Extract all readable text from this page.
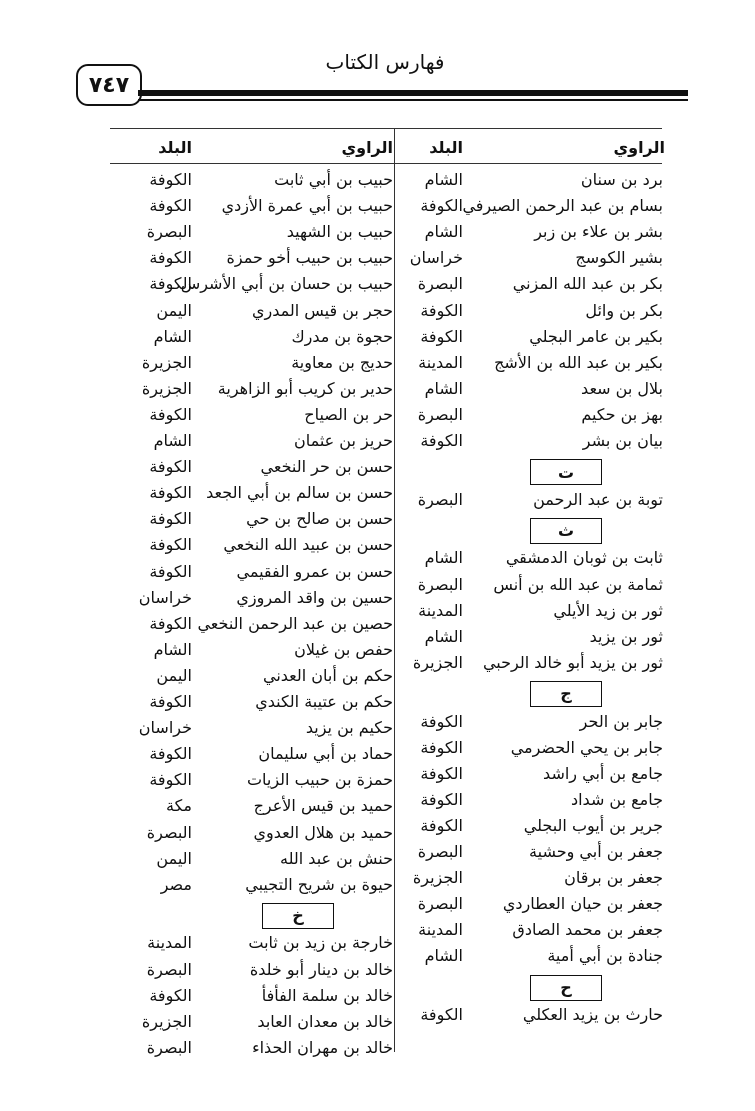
فهارس الكتاب
٧٤٧
الراوي
البلد
الراوي
البلد
برد بن سنان
الشام
بسام بن عبد الرحمن الصيرفي
الكوفة
بشر بن علاء بن زبر
الشام
بشير الكوسج
خراسان
بكر بن عبد الله المزني
البصرة
بكر بن وائل
الكوفة
بكير بن عامر البجلي
الكوفة
بكير بن عبد الله بن الأشج
المدينة
بلال بن سعد
الشام
بهز بن حكيم
البصرة
بيان بن بشر
الكوفة
ت
توبة بن عبد الرحمن
البصرة
ث
ثابت بن ثوبان الدمشقي
الشام
ثمامة بن عبد الله بن أنس
البصرة
ثور بن زيد الأيلي
المدينة
ثور بن يزيد
الشام
ثور بن يزيد أبو خالد الرحبي
الجزيرة
ج
جابر بن الحر
الكوفة
جابر بن يحي الحضرمي
الكوفة
جامع بن أبي راشد
الكوفة
جامع بن شداد
الكوفة
جرير بن أيوب البجلي
الكوفة
جعفر بن أبي وحشية
البصرة
جعفر بن برقان
الجزيرة
جعفر بن حيان العطاردي
البصرة
جعفر بن محمد الصادق
المدينة
جنادة بن أبي أمية
الشام
ح
حارث بن يزيد العكلي
الكوفة
حبيب بن أبي ثابت
الكوفة
حبيب بن أبي عمرة الأزدي
الكوفة
حبيب بن الشهيد
البصرة
حبيب بن حبيب أخو حمزة
الكوفة
حبيب بن حسان بن أبي الأشرس
الكوفة
حجر بن قيس المدري
اليمن
حجوة بن مدرك
الشام
حديج بن معاوية
الجزيرة
حدير بن كريب أبو الزاهرية
الجزيرة
حر بن الصياح
الكوفة
حريز بن عثمان
الشام
حسن بن حر النخعي
الكوفة
حسن بن سالم بن أبي الجعد
الكوفة
حسن بن صالح بن حي
الكوفة
حسن بن عبيد الله النخعي
الكوفة
حسن بن عمرو الفقيمي
الكوفة
حسين بن واقد المروزي
خراسان
حصين بن عبد الرحمن النخعي
الكوفة
حفص بن غيلان
الشام
حكم بن أبان العدني
اليمن
حكم بن عتيبة الكندي
الكوفة
حكيم بن يزيد
خراسان
حماد بن أبي سليمان
الكوفة
حمزة بن حبيب الزيات
الكوفة
حميد بن قيس الأعرج
مكة
حميد بن هلال العدوي
البصرة
حنش بن عبد الله
اليمن
حيوة بن شريح التجيبي
مصر
خ
خارجة بن زيد بن ثابت
المدينة
خالد بن دينار أبو خلدة
البصرة
خالد بن سلمة الفأفأ
الكوفة
خالد بن معدان العابد
الجزيرة
خالد بن مهران الحذاء
البصرة
